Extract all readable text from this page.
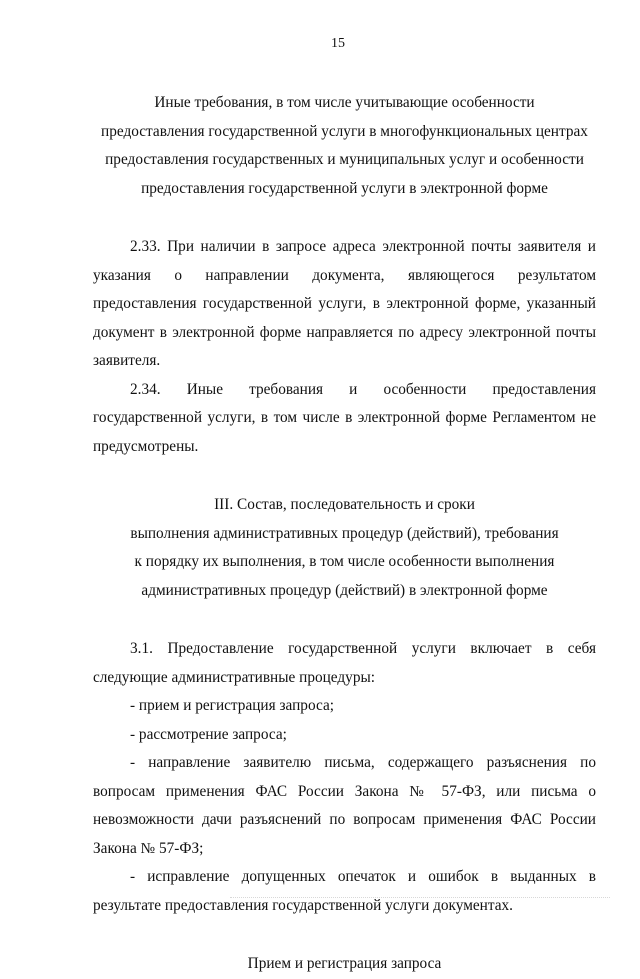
15
Иные требования, в том числе учитывающие особенности
предоставления государственной услуги в многофункциональных центрах
предоставления государственных и муниципальных услуг и особенности
предоставления государственной услуги в электронной форме

2.33. При наличии в запросе адреса электронной почты заявителя и указания о направлении документа, являющегося результатом предоставления государственной услуги, в электронной форме, указанный документ в электронной форме направляется по адресу электронной почты заявителя.

2.34. Иные требования и особенности предоставления государственной услуги, в том числе в электронной форме Регламентом не предусмотрены.

III. Состав, последовательность и сроки
выполнения административных процедур (действий), требования
к порядку их выполнения, в том числе особенности выполнения
административных процедур (действий) в электронной форме

3.1. Предоставление государственной услуги включает в себя следующие административные процедуры:

- прием и регистрация запроса;

- рассмотрение запроса;

- направление заявителю письма, содержащего разъяснения по вопросам применения ФАС России Закона № 57-ФЗ, или письма о невозможности дачи разъяснений по вопросам применения ФАС России Закона № 57-ФЗ;

- исправление допущенных опечаток и ошибок в выданных в результате предоставления государственной услуги документах.

Прием и регистрация запроса
